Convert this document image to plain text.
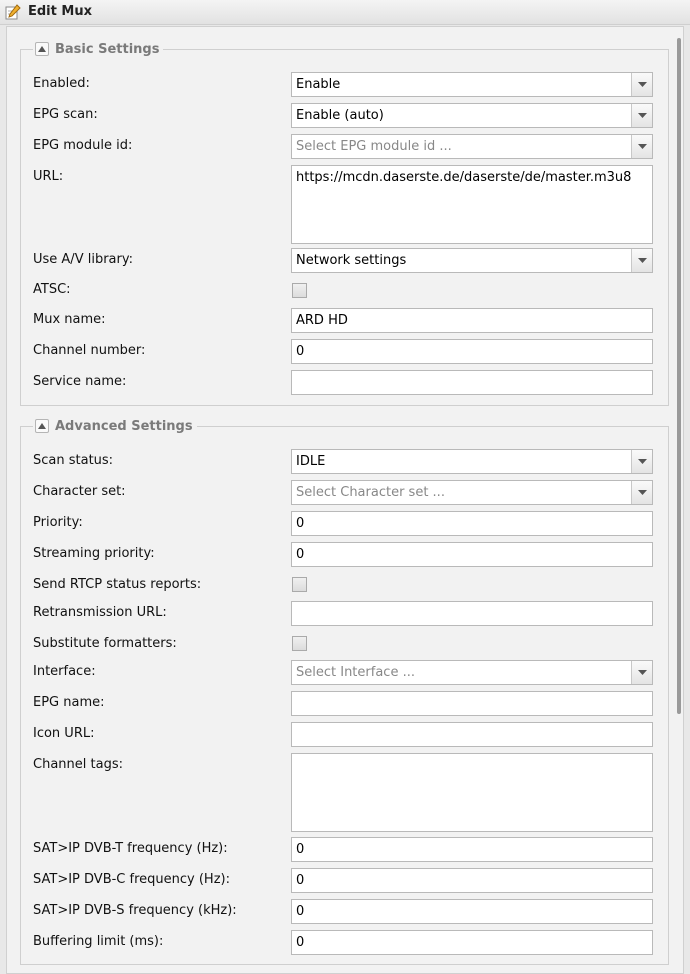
Edit Mux
Basic Settings
Enabled:	Enable
EPG scan:	Enable (auto)
EPG module id:	Select EPG module id ...
URL:	https://mcdn.daserste.de/daserste/de/master.m3u8
Use A/V library:	Network settings
ATSC:
Mux name:	ARD HD
Channel number:	0
Service name:
Advanced Settings
Scan status:	IDLE
Character set:	Select Character set ...
Priority:	0
Streaming priority:	0
Send RTCP status reports:
Retransmission URL:
Substitute formatters:
Interface:	Select Interface ...
EPG name:
Icon URL:
Channel tags:
SAT>IP DVB-T frequency (Hz):	0
SAT>IP DVB-C frequency (Hz):	0
SAT>IP DVB-S frequency (kHz):	0
Buffering limit (ms):	0
